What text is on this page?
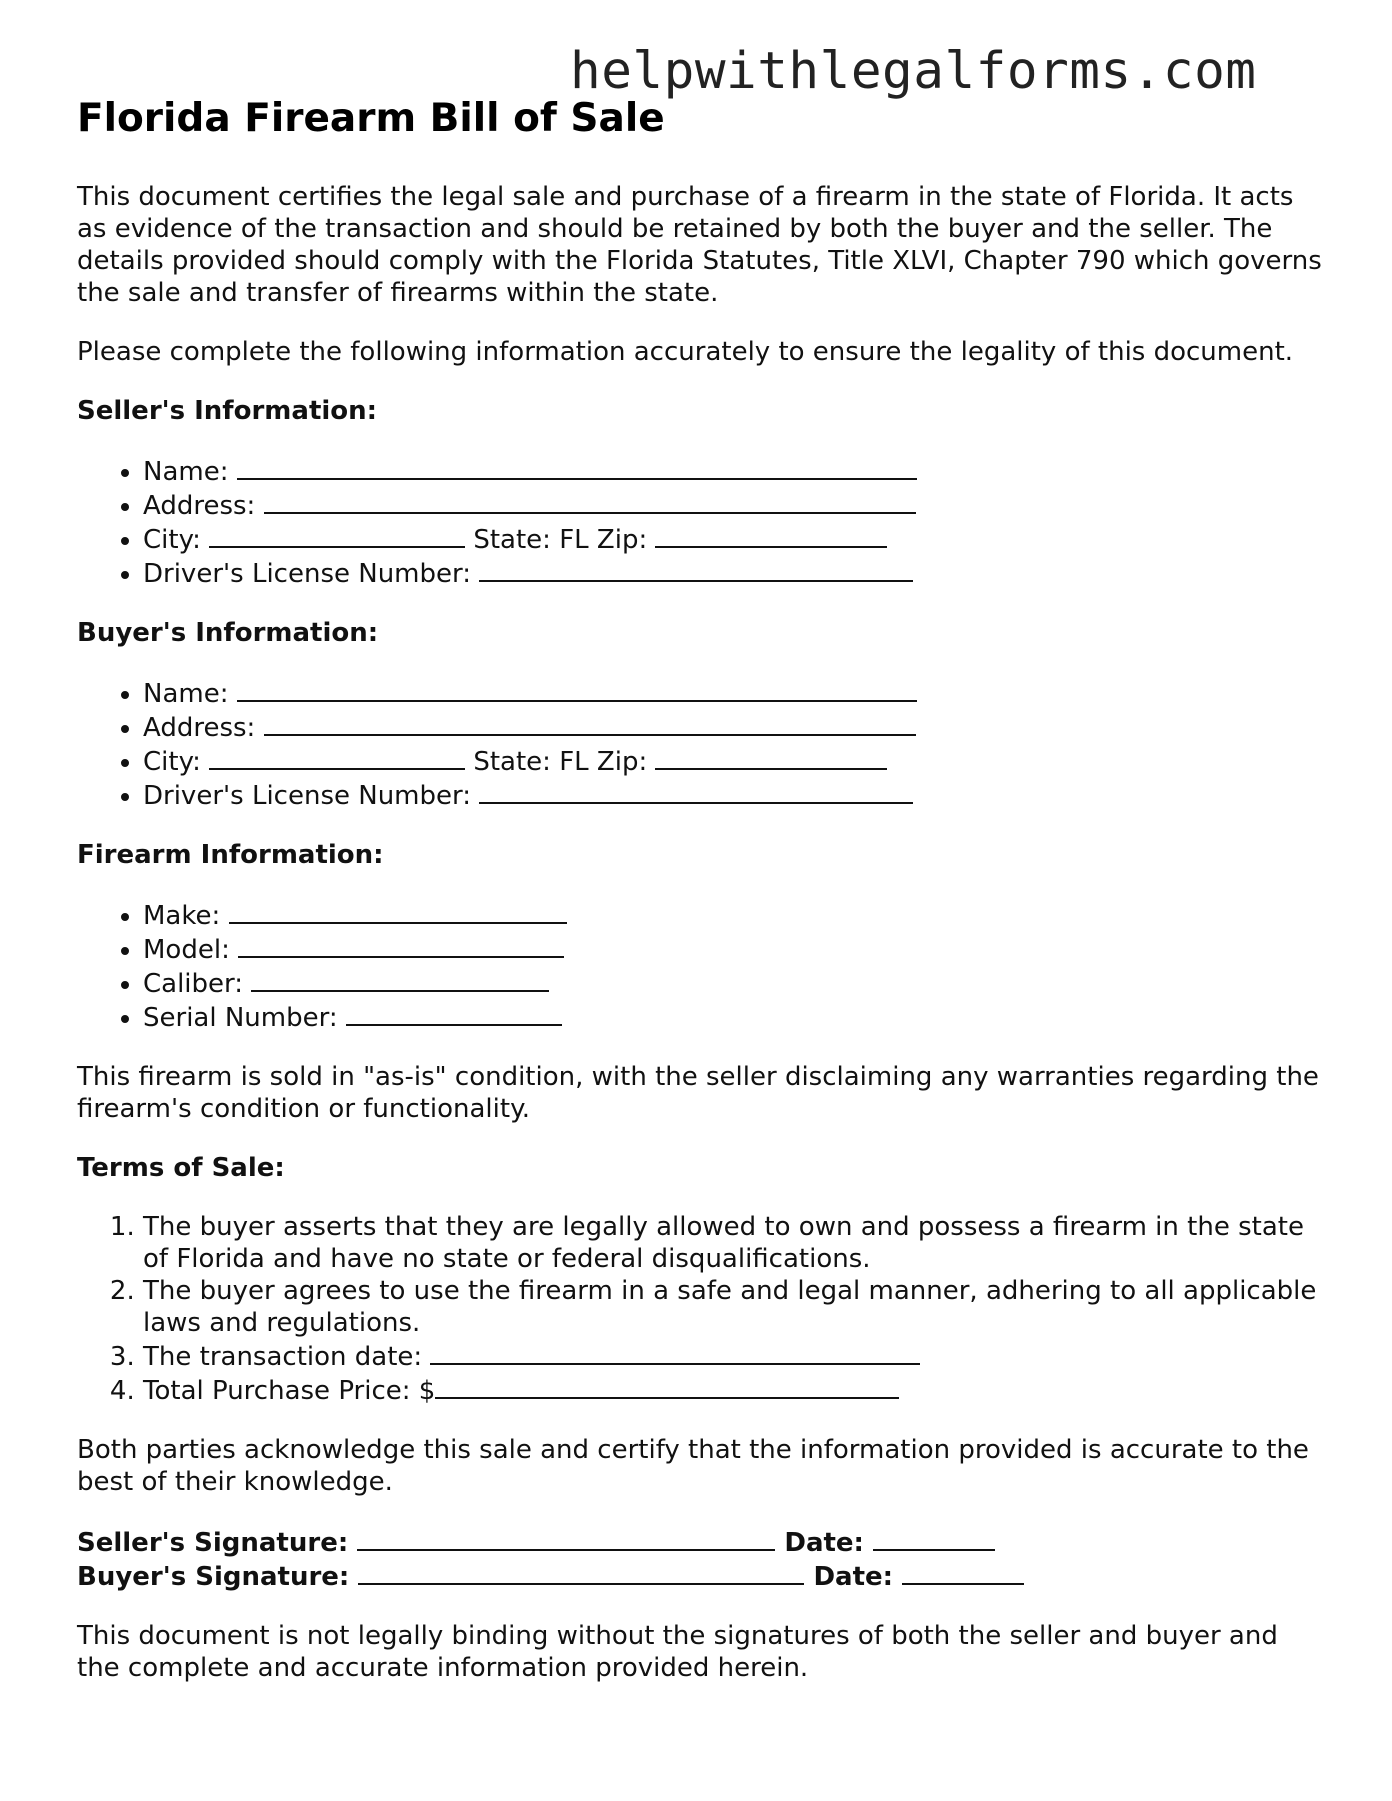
helpwithlegalforms.com
Florida Firearm Bill of Sale

This document certifies the legal sale and purchase of a firearm in the state of Florida. It acts as evidence of the transaction and should be retained by both the buyer and the seller. The details provided should comply with the Florida Statutes, Title XLVI, Chapter 790 which governs the sale and transfer of firearms within the state.

Please complete the following information accurately to ensure the legality of this document.

Seller's Information:
• Name:
• Address:
• City:	State: FL Zip:
• Driver's License Number:
Buyer's Information:
• Name:
• Address:
• City:	State: FL Zip:
• Driver's License Number:
Firearm Information:
• Make:
• Model:
• Caliber:
• Serial Number:

This firearm is sold in "as-is" condition, with the seller disclaiming any warranties regarding the firearm's condition or functionality.

Terms of Sale:
1. The buyer asserts that they are legally allowed to own and possess a firearm in the state of Florida and have no state or federal disqualifications.
2. The buyer agrees to use the firearm in a safe and legal manner, adhering to all applicable laws and regulations.
3. The transaction date:
4. Total Purchase Price: $

Both parties acknowledge this sale and certify that the information provided is accurate to the best of their knowledge.

Seller's Signature:	Date:
Buyer's Signature:	Date:

This document is not legally binding without the signatures of both the seller and buyer and the complete and accurate information provided herein.
